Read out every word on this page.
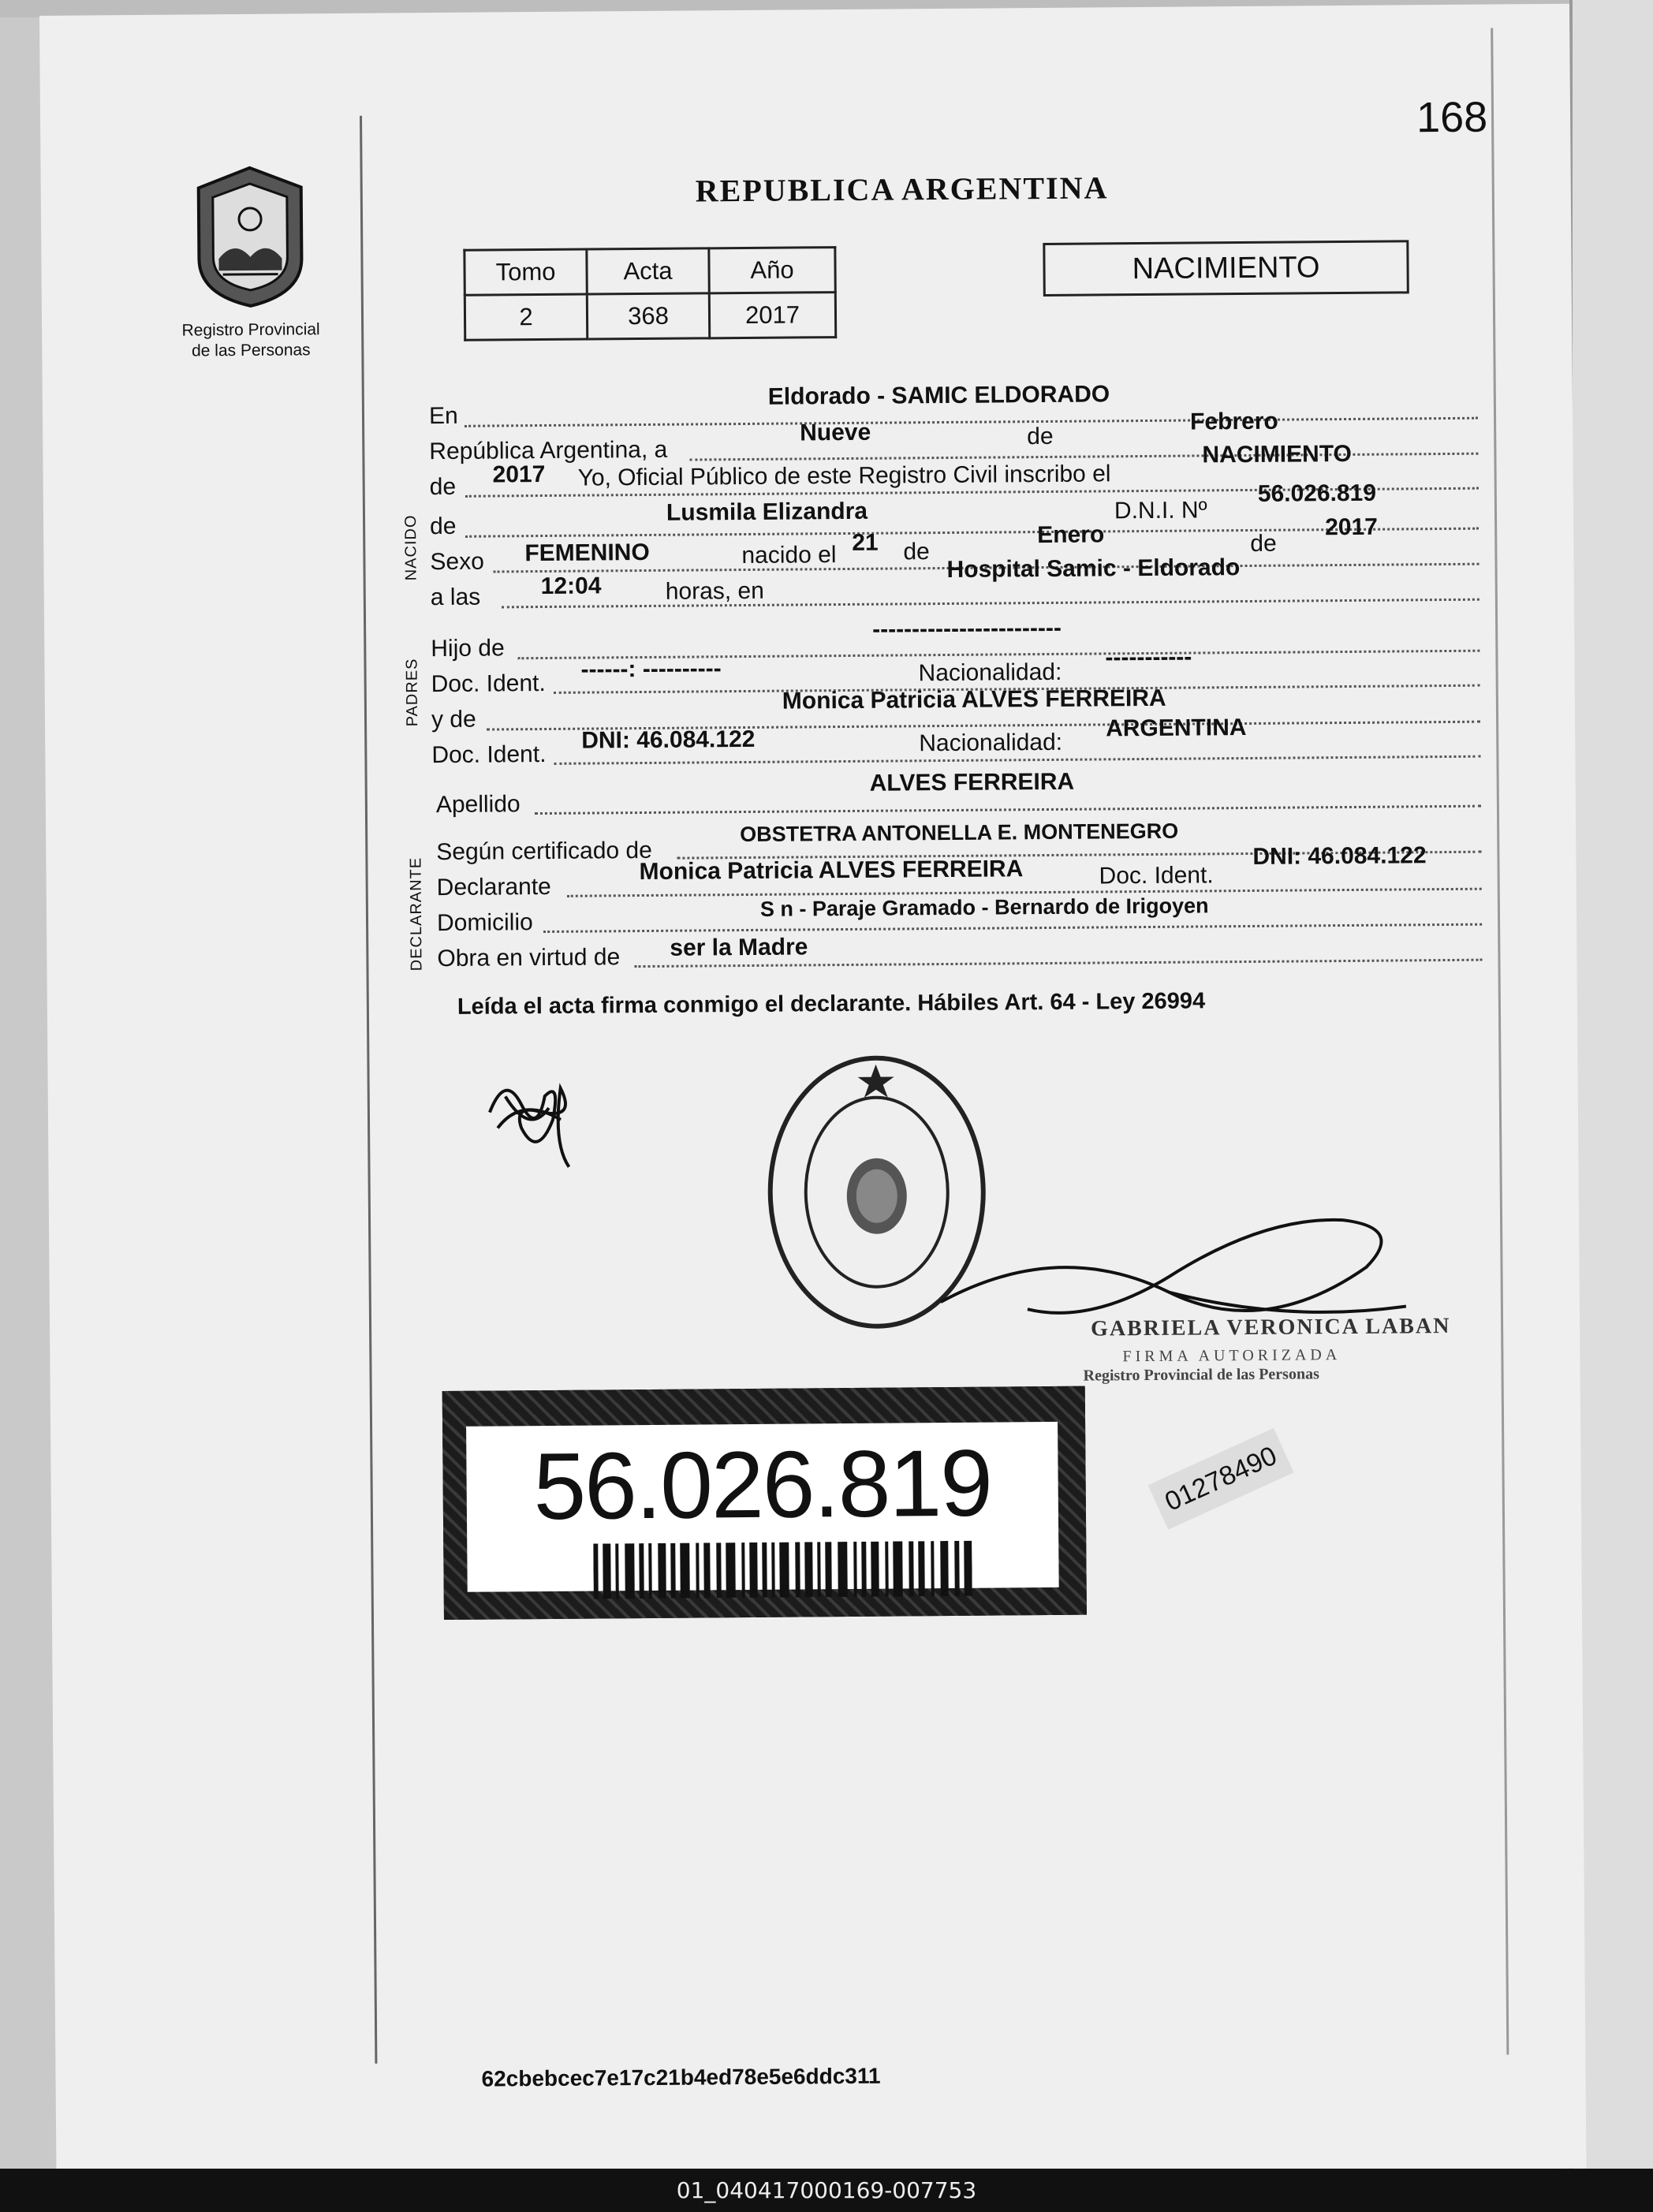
168
Registro Provincial
de las Personas
REPUBLICA ARGENTINA
Tomo	Acta	Año
2	368	2017
NACIMIENTO
En
Eldorado - SAMIC ELDORADO
República Argentina, a
Nueve	de
Febrero
de 2017 Yo, Oficial Público de este Registro Civil inscribo el
NACIMIENTO
NACIDO de
Lusmila Elizandra	D.N.I. Nº
56.026.819
Sexo FEMENINO	nacido el 21 de
Enero	de
2017
a las	12:04	horas, en
Hospital Samic - Eldorado
PADRES
Hijo de
------------------------
Doc. Ident.
------: ----------	Nacionalidad:
-----------
y de
Monica Patricia ALVES FERREIRA
Doc. Ident.
DNI: 46.084.122	Nacionalidad:
ARGENTINA
Apellido
ALVES FERREIRA
DECLARANTE
Según certificado de
OBSTETRA ANTONELLA E. MONTENEGRO
Declarante
Monica Patricia ALVES FERREIRA	Doc. Ident.
DNI: 46.084.122
Domicilio
S n - Paraje Gramado - Bernardo de Irigoyen
Obra en virtud de ser la Madre
Leída el acta firma conmigo el declarante. Hábiles Art. 64 - Ley 26994
GABRIELA VERONICA LABAN
FIRMA AUTORIZADA
Registro Provincial de las Personas
56.026.819	01278490
62cbebcec7e17c21b4ed78e5e6ddc311
01_040417000169-007753
